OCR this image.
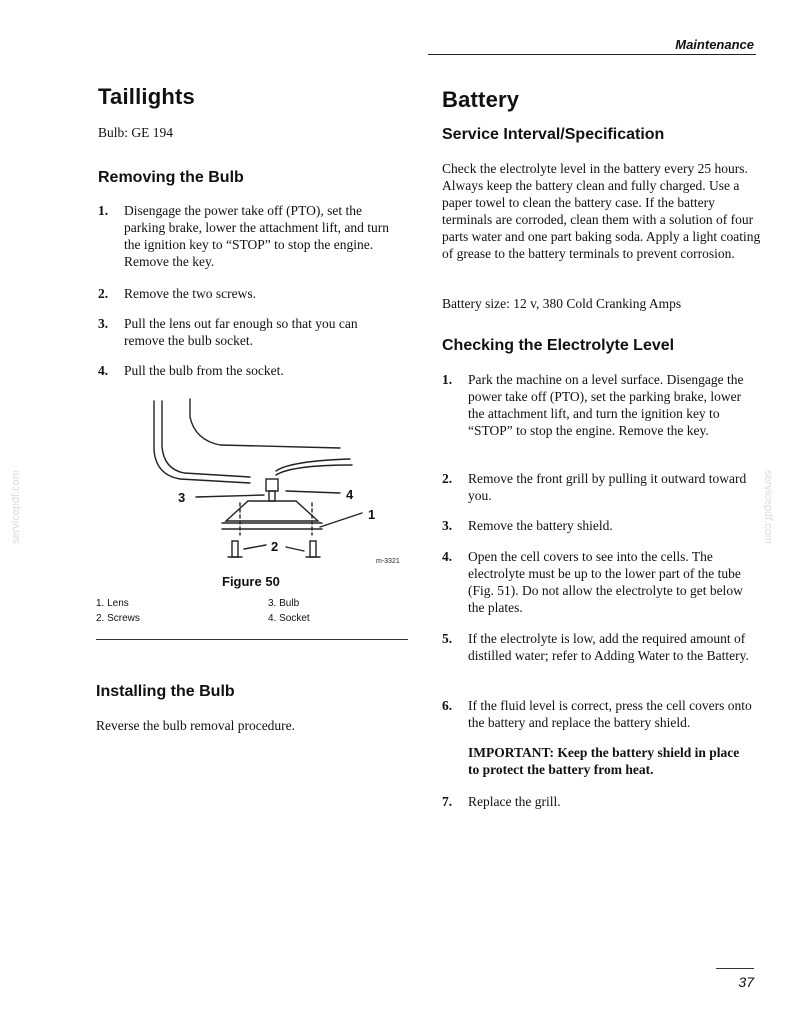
Maintenance
Taillights
Bulb: GE 194
Removing the Bulb
1. Disengage the power take off (PTO), set the parking brake, lower the attachment lift, and turn the ignition key to “STOP” to stop the engine. Remove the key.
2. Remove the two screws.
3. Pull the lens out far enough so that you can remove the bulb socket.
4. Pull the bulb from the socket.
3	4
1
2
m-3321
Figure 50
1. Lens
2. Screws
3. Bulb
4. Socket
Installing the Bulb
Reverse the bulb removal procedure.
Battery
Service Interval/Specification
Check the electrolyte level in the battery every 25 hours. Always keep the battery clean and fully charged. Use a paper towel to clean the battery case. If the battery terminals are corroded, clean them with a solution of four parts water and one part baking soda. Apply a light coating of grease to the battery terminals to prevent corrosion.
Battery size: 12 v, 380 Cold Cranking Amps
Checking the Electrolyte Level
1. Park the machine on a level surface. Disengage the power take off (PTO), set the parking brake, lower the attachment lift, and turn the ignition key to “STOP” to stop the engine. Remove the key.
2. Remove the front grill by pulling it outward toward you.
3. Remove the battery shield.
4. Open the cell covers to see into the cells. The electrolyte must be up to the lower part of the tube (Fig. 51). Do not allow the electrolyte to get below the plates.
5. If the electrolyte is low, add the required amount of distilled water; refer to Adding Water to the Battery.
6. If the fluid level is correct, press the cell covers onto the battery and replace the battery shield.
IMPORTANT: Keep the battery shield in place to protect the battery from heat.
7. Replace the grill.
servicepdf.com	servicepdf.com
37
